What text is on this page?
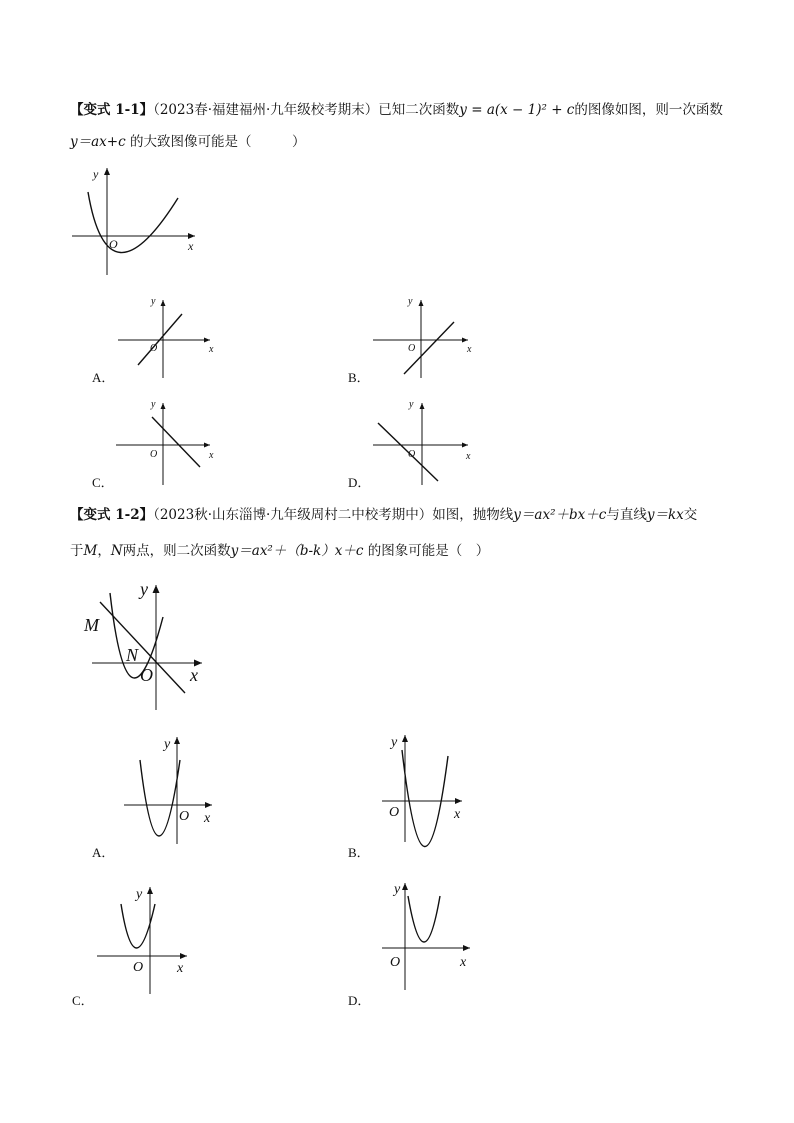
【变式 1-1】（2023春·福建福州·九年级校考期末）已知二次函数y = a(x − 1)² + c的图像如图，则一次函数
y＝ax+c 的大致图像可能是（　　　）
y
O	x
y
O	x
A．
y
O	x
B．
y
O	x
C．
y
O	x
D．
【变式 1-2】（2023秋·山东淄博·九年级周村二中校考期中）如图，抛物线y＝ax²＋bx＋c与直线y＝kx交
于M，N两点，则二次函数y＝ax²＋（b-k）x＋c 的图象可能是（　）
y
M
N
O x
y
O x
A．
y
O	x
B．
y
O x
C．
y
O	x
D．
